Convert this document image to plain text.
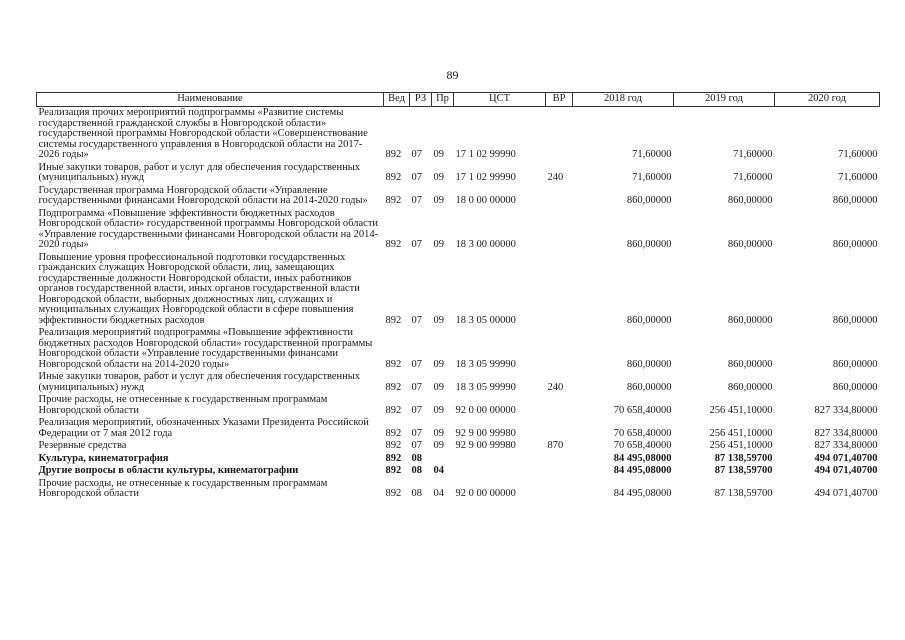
89
Наименование	Вед	РЗ	Пр	ЦСТ	ВР	2018 год	2019 год	2020 год
Реализация прочих мероприятий подпрограммы «Развитие системы государственной гражданской службы в Новгородской области» государственной программы Новгородской области «Совершенствование системы государственного управления в Новгородской области на 2017-2026 годы»	892	07	09	17 1 02 99990		71,60000	71,60000	71,60000
Иные закупки товаров, работ и услуг для обеспечения государственных (муниципальных) нужд	892	07	09	17 1 02 99990	240	71,60000	71,60000	71,60000
Государственная программа Новгородской области «Управление государственными финансами Новгородской области на 2014-2020 годы»	892	07	09	18 0 00 00000		860,00000	860,00000	860,00000
Подпрограмма «Повышение эффективности бюджетных расходов Новгородской области» государственной программы Новгородской области «Управление государственными финансами Новгородской области на 2014-2020 годы»	892	07	09	18 3 00 00000		860,00000	860,00000	860,00000
Повышение уровня профессиональной подготовки государственных гражданских служащих Новгородской области, лиц, замещающих государственные должности Новгородской области, иных работников органов государственной власти, иных органов государственной власти Новгородской области, выборных должностных лиц, служащих и муниципальных служащих Новгородской области в сфере повышения эффективности бюджетных расходов	892	07	09	18 3 05 00000		860,00000	860,00000	860,00000
Реализация мероприятий подпрограммы «Повышение эффективности бюджетных расходов Новгородской области» государственной программы Новгородской области «Управление государственными финансами Новгородской области на 2014-2020 годы»	892	07	09	18 3 05 99990		860,00000	860,00000	860,00000
Иные закупки товаров, работ и услуг для обеспечения государственных (муниципальных) нужд	892	07	09	18 3 05 99990	240	860,00000	860,00000	860,00000
Прочие расходы, не отнесенные к государственным программам Новгородской области	892	07	09	92 0 00 00000		70 658,40000	256 451,10000	827 334,80000
Реализация мероприятий, обозначенных Указами Президента Российской Федерации от 7 мая 2012 года	892	07	09	92 9 00 99980		70 658,40000	256 451,10000	827 334,80000
Резервные средства	892	07	09	92 9 00 99980	870	70 658,40000	256 451,10000	827 334,80000
Культура, кинематография	892	08				84 495,08000	87 138,59700	494 071,40700
Другие вопросы в области культуры, кинематографии	892	08	04			84 495,08000	87 138,59700	494 071,40700
Прочие расходы, не отнесенные к государственным программам Новгородской области	892	08	04	92 0 00 00000		84 495,08000	87 138,59700	494 071,40700
